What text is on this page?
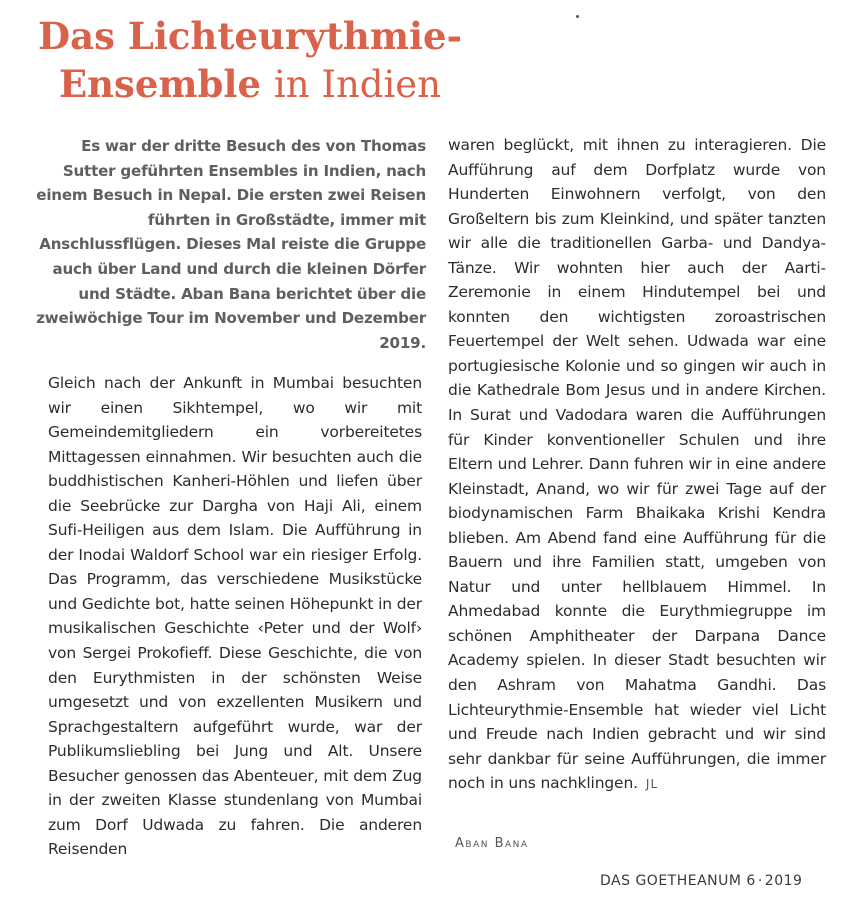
Das Lichteurythmie-
Ensemble in Indien

Es war der dritte Besuch des von Thomas Sutter geführten Ensembles in Indien, nach einem Besuch in Nepal. Die ersten zwei Reisen führten in Großstädte, immer mit Anschlussflügen. Dieses Mal reiste die Gruppe auch über Land und durch die kleinen Dörfer und Städte. Aban Bana berichtet über die zweiwöchige Tour im November und Dezember 2019.

Gleich nach der Ankunft in Mumbai besuchten wir einen Sikhtempel, wo wir mit Gemeindemitgliedern ein vorbereitetes Mittagessen einnahmen. Wir besuchten auch die buddhistischen Kanheri-Höhlen und liefen über die Seebrücke zur Dargha von Haji Ali, einem Sufi-Heiligen aus dem Islam. Die Aufführung in der Inodai Waldorf School war ein riesiger Erfolg. Das Programm, das verschiedene Musikstücke und Gedichte bot, hatte seinen Höhepunkt in der musikalischen Geschichte ‹Peter und der Wolf› von Sergei Prokofieff. Diese Geschichte, die von den Eurythmisten in der schönsten Weise umgesetzt und von exzellenten Musikern und Sprachgestaltern aufgeführt wurde, war der Publikumsliebling bei Jung und Alt. Unsere Besucher genossen das Abenteuer, mit dem Zug in der zweiten Klasse stundenlang von Mumbai zum Dorf Udwada zu fahren. Die anderen Reisenden

waren beglückt, mit ihnen zu interagieren. Die Aufführung auf dem Dorfplatz wurde von Hunderten Einwohnern verfolgt, von den Großeltern bis zum Kleinkind, und später tanzten wir alle die traditionellen Garba- und Dandya-Tänze. Wir wohnten hier auch der Aarti-Zeremonie in einem Hindutempel bei und konnten den wichtigsten zoroastrischen Feuertempel der Welt sehen. Udwada war eine portugiesische Kolonie und so gingen wir auch in die Kathedrale Bom Jesus und in andere Kirchen. In Surat und Vadodara waren die Aufführungen für Kinder konventioneller Schulen und ihre Eltern und Lehrer. Dann fuhren wir in eine andere Kleinstadt, Anand, wo wir für zwei Tage auf der biodynamischen Farm Bhaikaka Krishi Kendra blieben. Am Abend fand eine Aufführung für die Bauern und ihre Familien statt, umgeben von Natur und unter hellblauem Himmel. In Ahmedabad konnte die Eurythmiegruppe im schönen Amphitheater der Darpana Dance Academy spielen. In dieser Stadt besuchten wir den Ashram von Mahatma Gandhi. Das Lichteurythmie-Ensemble hat wieder viel Licht und Freude nach Indien gebracht und wir sind sehr dankbar für seine Aufführungen, die immer noch in uns nachklingen. JL

Aban Bana
DAS GOETHEANUM 6 · 2019
